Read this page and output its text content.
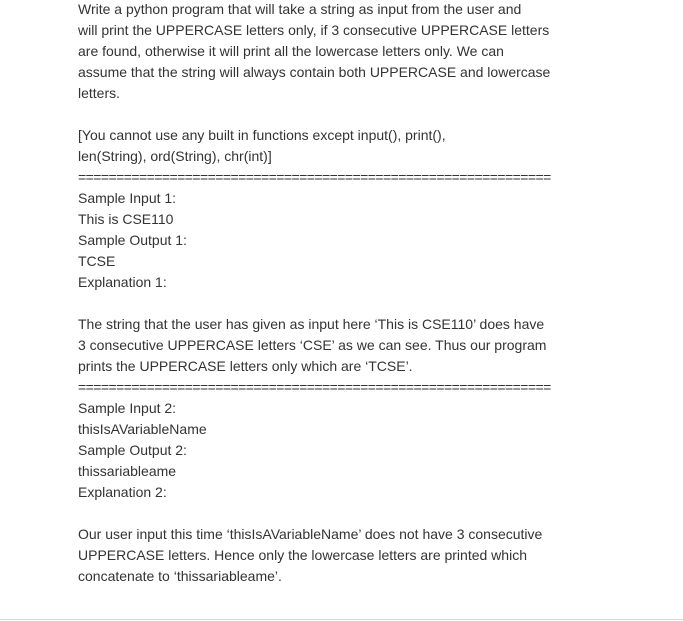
Write a python program that will take a string as input from the user and
will print the UPPERCASE letters only, if 3 consecutive UPPERCASE letters
are found, otherwise it will print all the lowercase letters only. We can
assume that the string will always contain both UPPERCASE and lowercase
letters.
[You cannot use any built in functions except input(), print(),
len(String), ord(String), chr(int)]
==============================================================
Sample Input 1:
This is CSE110
Sample Output 1:
TCSE
Explanation 1:
The string that the user has given as input here ‘This is CSE110’ does have
3 consecutive UPPERCASE letters ‘CSE’ as we can see. Thus our program
prints the UPPERCASE letters only which are ‘TCSE’.
==============================================================
Sample Input 2:
thisIsAVariableName
Sample Output 2:
thissariableame
Explanation 2:
Our user input this time ‘thisIsAVariableName’ does not have 3 consecutive
UPPERCASE letters. Hence only the lowercase letters are printed which
concatenate to ‘thissariableame’.
